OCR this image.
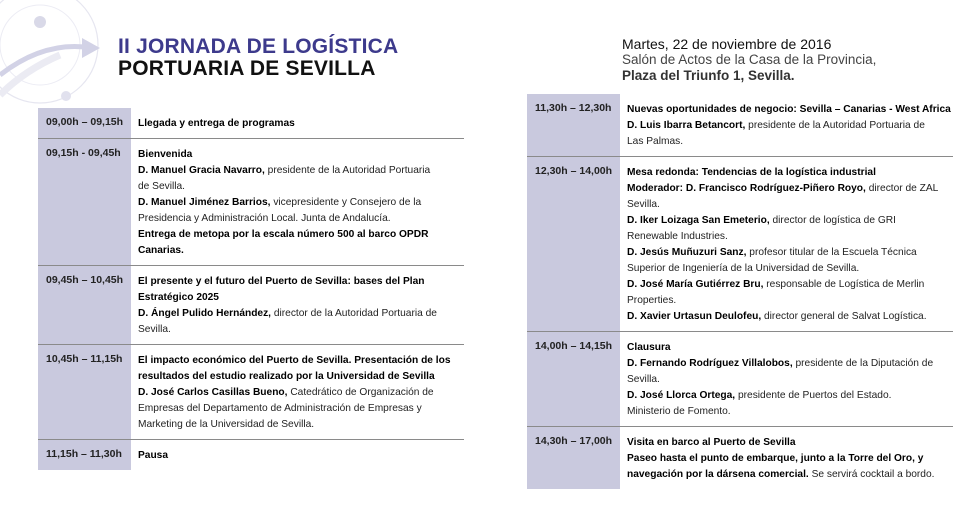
II JORNADA DE LOGÍSTICA
PORTUARIA DE SEVILLA
Martes, 22 de noviembre de 2016
Salón de Actos de la Casa de la Provincia,
Plaza del Triunfo 1, Sevilla.
09,00h – 09,15h	Llegada y entrega de programas

09,15h - 09,45h	Bienvenida

D. Manuel Gracia Navarro, presidente de la Autoridad Portuaria

de Sevilla.

D. Manuel Jiménez Barrios, vicepresidente y Consejero de la

Presidencia y Administración Local. Junta de Andalucía.

Entrega de metopa por la escala número 500 al barco OPDR Canarias.

09,45h – 10,45h	El presente y el futuro del Puerto de Sevilla: bases del Plan

Estratégico 2025

D. Ángel Pulido Hernández, director de la Autoridad Portuaria de

Sevilla.

10,45h – 11,15h	El impacto económico del Puerto de Sevilla. Presentación de los

resultados del estudio realizado por la Universidad de Sevilla

D. José Carlos Casillas Bueno, Catedrático de Organización de

Empresas del Departamento de Administración de Empresas y

Marketing de la Universidad de Sevilla.

11,15h – 11,30h	Pausa

11,30h – 12,30h	Nuevas oportunidades de negocio: Sevilla – Canarias - West Africa

D. Luis Ibarra Betancort, presidente de la Autoridad Portuaria de

Las Palmas.

12,30h – 14,00h	Mesa redonda: Tendencias de la logística industrial

Moderador: D. Francisco Rodríguez-Piñero Royo, director de ZAL

Sevilla.

D. Iker Loizaga San Emeterio, director de logística de GRI

Renewable Industries.

D. Jesús Muñuzuri Sanz, profesor titular de la Escuela Técnica

Superior de Ingeniería de la Universidad de Sevilla.

D. José María Gutiérrez Bru, responsable de Logística de Merlin

Properties.

D. Xavier Urtasun Deulofeu, director general de Salvat Logística.

14,00h – 14,15h	Clausura

D. Fernando Rodríguez Villalobos, presidente de la Diputación de Sevilla.

D. José Llorca Ortega, presidente de Puertos del Estado.

Ministerio de Fomento.

14,30h – 17,00h	Visita en barco al Puerto de Sevilla

Paseo hasta el punto de embarque, junto a la Torre del Oro, y

navegación por la dársena comercial. Se servirá cocktail a bordo.
